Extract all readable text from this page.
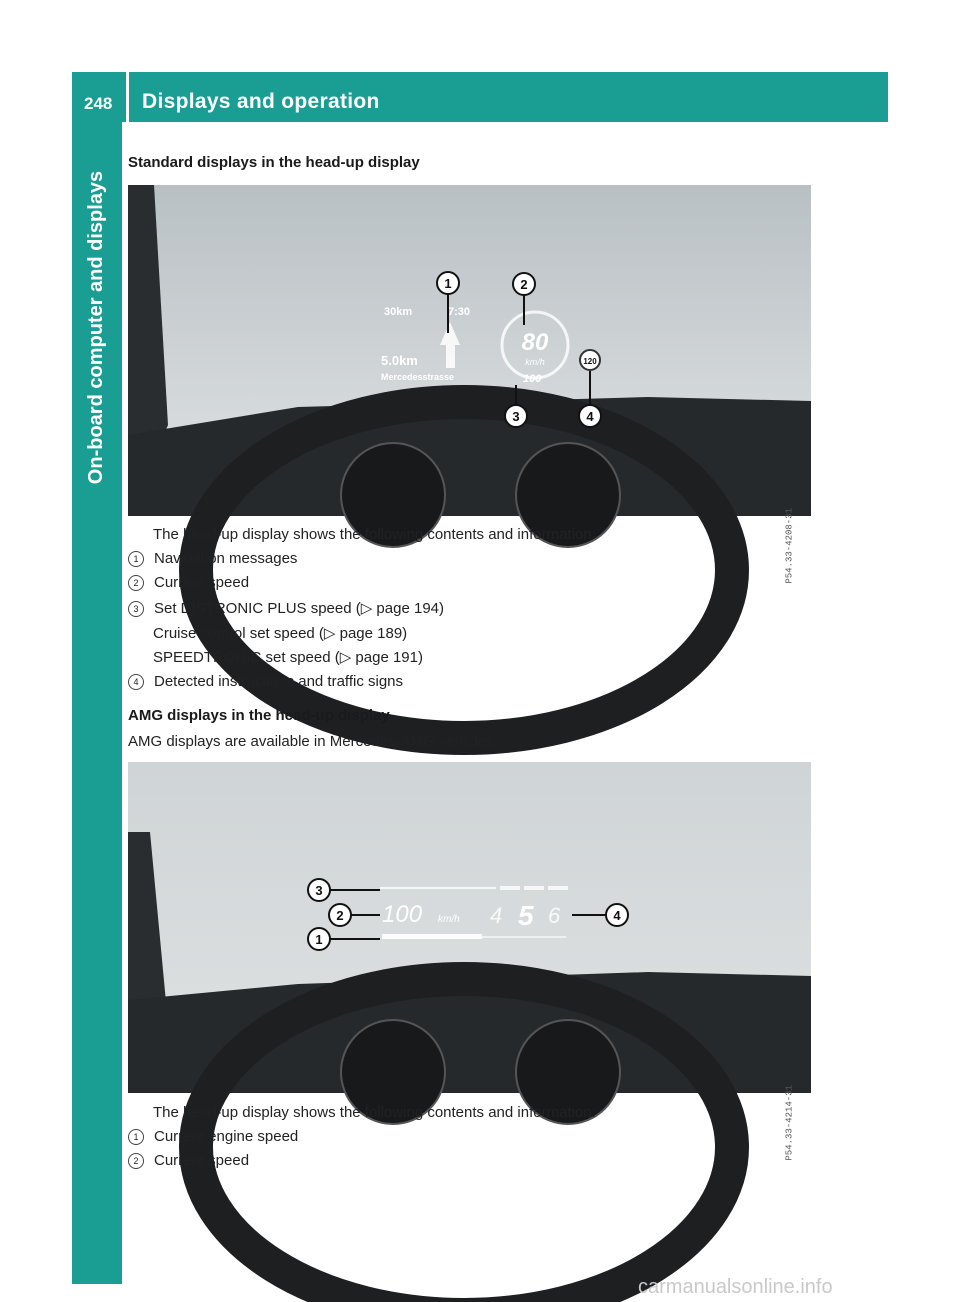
248 Displays and operation
On-board computer and displays
Standard displays in the head-up display
30km	7:30
5.0km
Mercedesstrasse
80
km/h
100
120
1	2
3	4
P54.33-4208-31
The head-up display shows the following contents and information:
1 Navigation messages
2 Current speed
3 Set DISTRONIC PLUS speed (▷ page 194)
Cruise control set speed (▷ page 189)
SPEEDTRONIC set speed (▷ page 191)
4 Detected instructions and traffic signs
AMG displays in the head-up display
AMG displays are available in Mercedes-AMG vehicles.
100 km/h 4 5 6
3
2
1
4
P54.33-4214-31
The head-up display shows the following contents and information:
1 Current engine speed
2 Current speed
carmanualsonline.info
